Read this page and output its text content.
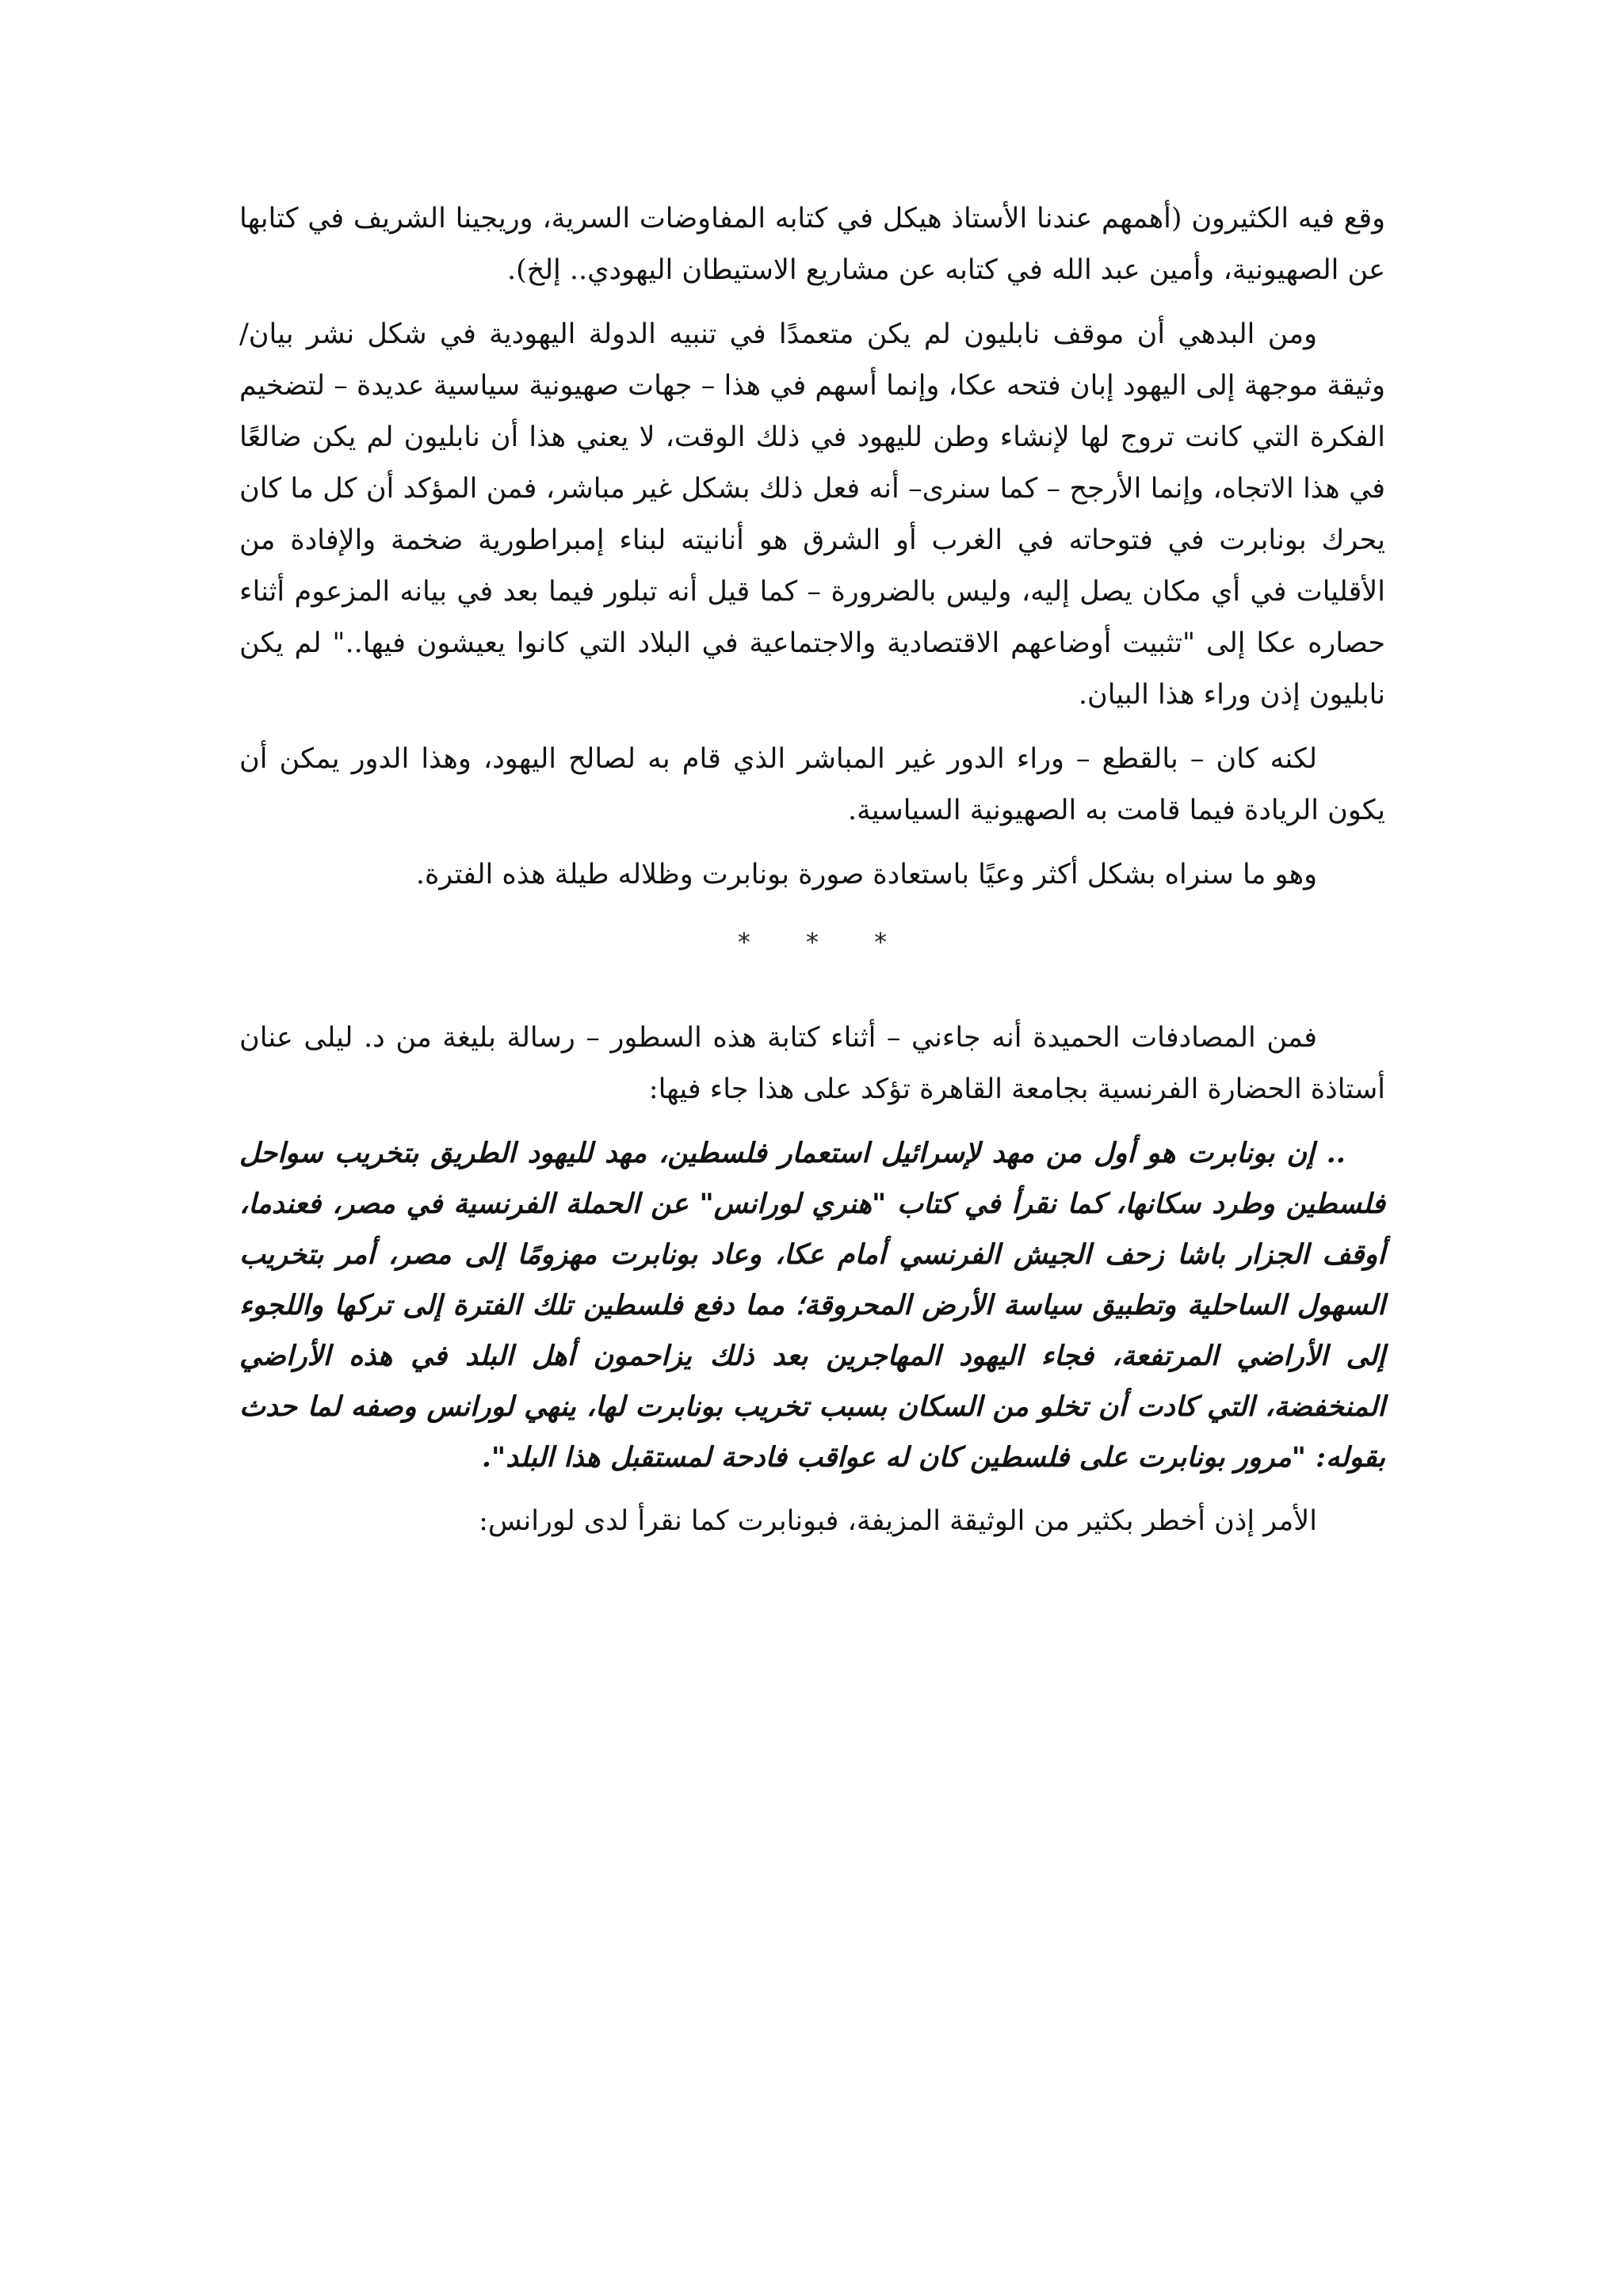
وقع فيه الكثيرون (أهمهم عندنا الأستاذ هيكل في كتابه المفاوضات السرية، وريجينا الشريف في كتابها عن الصهيونية، وأمين عبد الله في كتابه عن مشاريع الاستيطان اليهودي.. إلخ).

ومن البدهي أن موقف نابليون لم يكن متعمدًا في تنبيه الدولة اليهودية في شكل نشر بيان/ وثيقة موجهة إلى اليهود إبان فتحه عكا، وإنما أسهم في هذا – جهات صهيونية سياسية عديدة – لتضخيم الفكرة التي كانت تروج لها لإنشاء وطن لليهود في ذلك الوقت، لا يعني هذا أن نابليون لم يكن ضالعًا في هذا الاتجاه، وإنما الأرجح – كما سنرى– أنه فعل ذلك بشكل غير مباشر، فمن المؤكد أن كل ما كان يحرك بونابرت في فتوحاته في الغرب أو الشرق هو أنانيته لبناء إمبراطورية ضخمة والإفادة من الأقليات في أي مكان يصل إليه، وليس بالضرورة – كما قيل أنه تبلور فيما بعد في بيانه المزعوم أثناء حصاره عكا إلى "تثبيت أوضاعهم الاقتصادية والاجتماعية في البلاد التي كانوا يعيشون فيها.." لم يكن نابليون إذن وراء هذا البيان.

لكنه كان – بالقطع – وراء الدور غير المباشر الذي قام به لصالح اليهود، وهذا الدور يمكن أن يكون الريادة فيما قامت به الصهيونية السياسية.

وهو ما سنراه بشكل أكثر وعيًا باستعادة صورة بونابرت وظلاله طيلة هذه الفترة.

* * *

فمن المصادفات الحميدة أنه جاءني – أثناء كتابة هذه السطور – رسالة بليغة من د. ليلى عنان أستاذة الحضارة الفرنسية بجامعة القاهرة تؤكد على هذا جاء فيها:

.. إن بونابرت هو أول من مهد لإسرائيل استعمار فلسطين، مهد لليهود الطريق بتخريب سواحل فلسطين وطرد سكانها، كما نقرأ في كتاب "هنري لورانس" عن الحملة الفرنسية في مصر، فعندما، أوقف الجزار باشا زحف الجيش الفرنسي أمام عكا، وعاد بونابرت مهزومًا إلى مصر، أمر بتخريب السهول الساحلية وتطبيق سياسة الأرض المحروقة؛ مما دفع فلسطين تلك الفترة إلى تركها واللجوء إلى الأراضي المرتفعة، فجاء اليهود المهاجرين بعد ذلك يزاحمون أهل البلد في هذه الأراضي المنخفضة، التي كادت أن تخلو من السكان بسبب تخريب بونابرت لها، ينهي لورانس وصفه لما حدث بقوله: "مرور بونابرت على فلسطين كان له عواقب فادحة لمستقبل هذا البلد".

الأمر إذن أخطر بكثير من الوثيقة المزيفة، فبونابرت كما نقرأ لدى لورانس:
